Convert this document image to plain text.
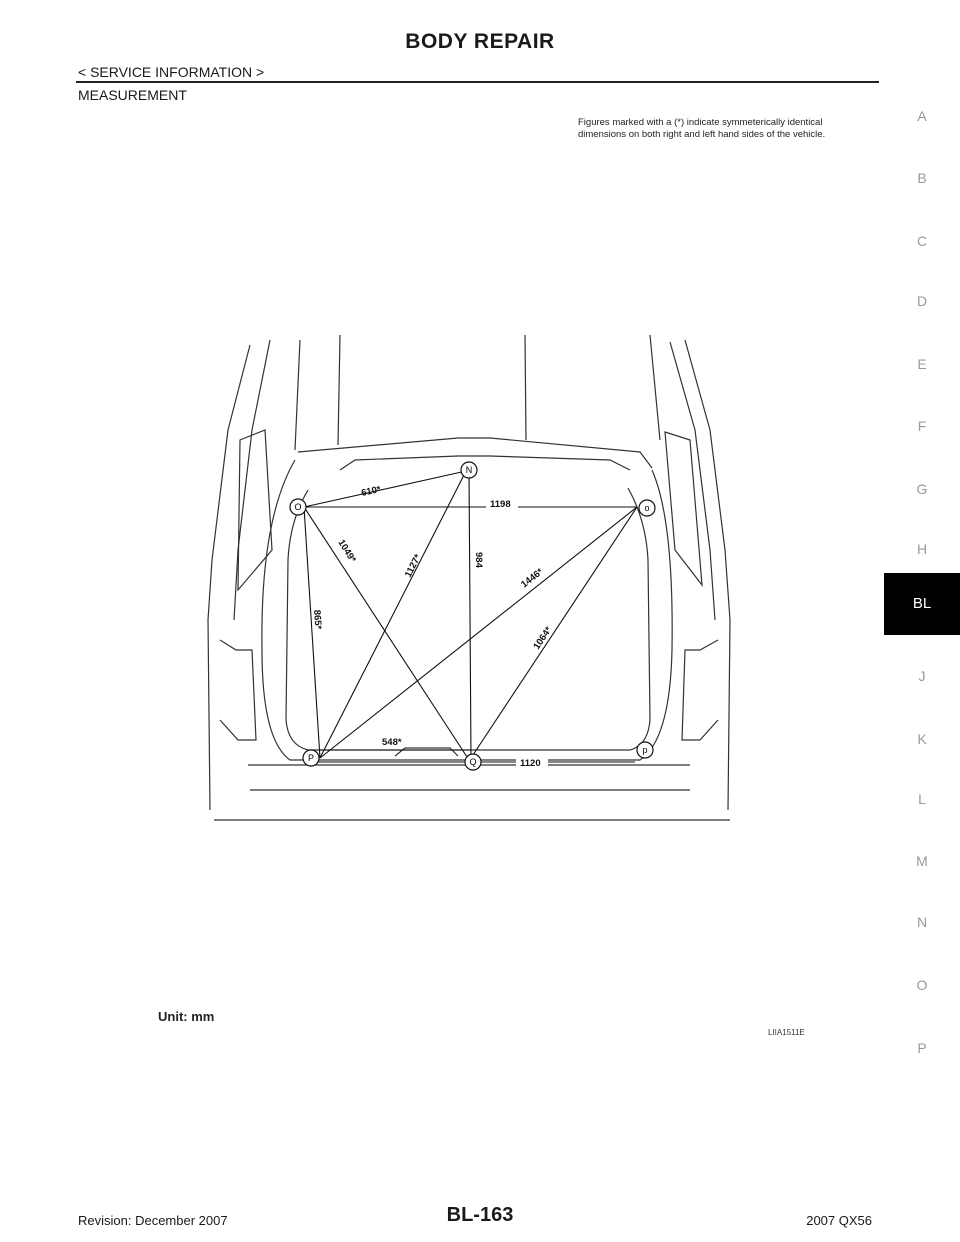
BODY REPAIR
< SERVICE INFORMATION >
MEASUREMENT
A
B
C
D
E
F
G
H
BL
J
K
L
M
N
O
P
Figures marked with a (*) indicate symmeterically identical dimensions on both right and left hand sides of the vehicle.
N
O	o
P
p
Q
610*
1198
1049*
1127*	984
1446*
1064*
865*
548*
1120
Unit: mm
LIIA1511E
Revision: December 2007	BL-163	2007 QX56
